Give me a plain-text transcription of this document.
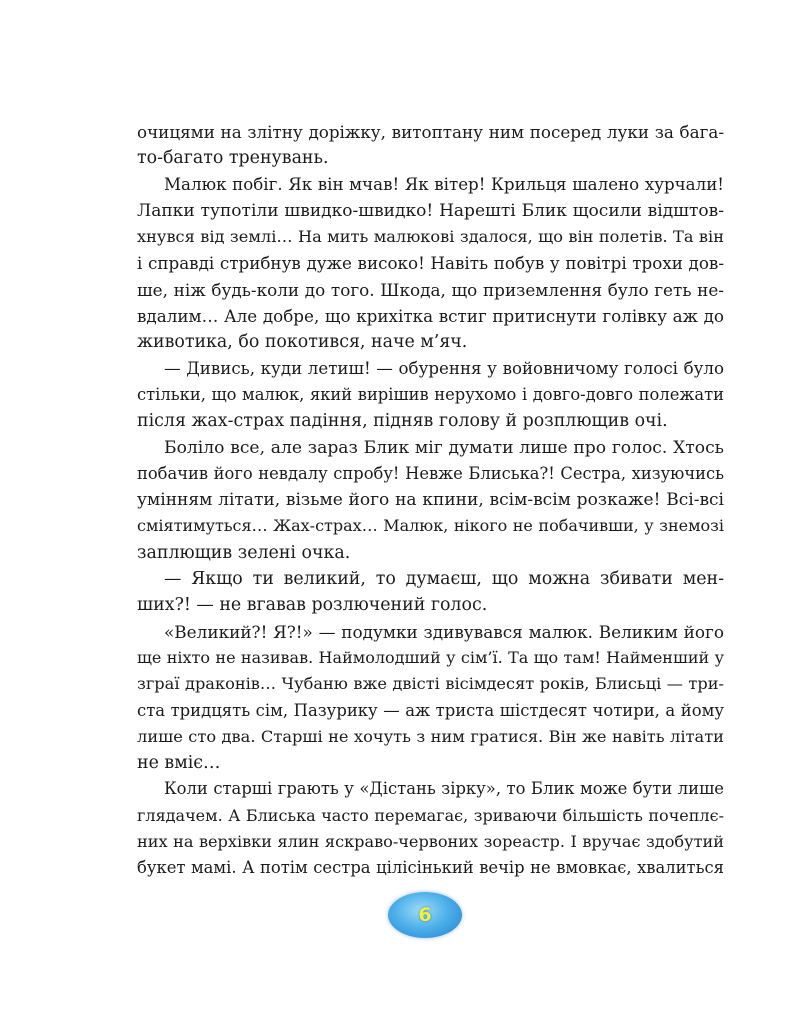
очицями на злітну доріжку, витоптану ним посеред луки за бага-
то-багато тренувань.
Малюк побіг. Як він мчав! Як вітер! Крильця шалено хурчали!
Лапки тупотіли швидко-швидко! Нарешті Блик щосили відштов-
хнувся від землі… На мить малюкові здалося, що він полетів. Та він
і справді стрибнув дуже високо! Навіть побув у повітрі трохи дов-
ше, ніж будь-коли до того. Шкода, що приземлення було геть не-
вдалим… Але добре, що крихітка встиг притиснути голівку аж до
животика, бо покотився, наче м’яч.
— Дивись, куди летиш! — обурення у войовничому голосі було
стільки, що малюк, який вирішив нерухомо і довго-довго полежати
після жах-страх падіння, підняв голову й розплющив очі.
Боліло все, але зараз Блик міг думати лише про голос. Хтось
побачив його невдалу спробу! Невже Блиська?! Сестра, хизуючись
умінням літати, візьме його на кпини, всім-всім розкаже! Всі-всі
сміятимуться… Жах-страх… Малюк, нікого не побачивши, у знемозі
заплющив зелені очка.
— Якщо ти великий, то думаєш, що можна збивати мен-
ших?! — не вгавав розлючений голос.
«Великий?! Я?!» — подумки здивувався малюк. Великим його
ще ніхто не називав. Наймолодший у сім’ї. Та що там! Найменший у
зграї драконів… Чубаню вже двісті вісімдесят років, Блисьці — три-
ста тридцять сім, Пазурику — аж триста шістдесят чотири, а йому
лише сто два. Старші не хочуть з ним гратися. Він же навіть літати
не вміє…
Коли старші грають у «Дістань зірку», то Блик може бути лише
глядачем. А Блиська часто перемагає, зриваючи більшість почеплє-
них на верхівки ялин яскраво-червоних зореастр. І вручає здобутий
букет мамі. А потім сестра цілісінький вечір не вмовкає, хвалиться
6
